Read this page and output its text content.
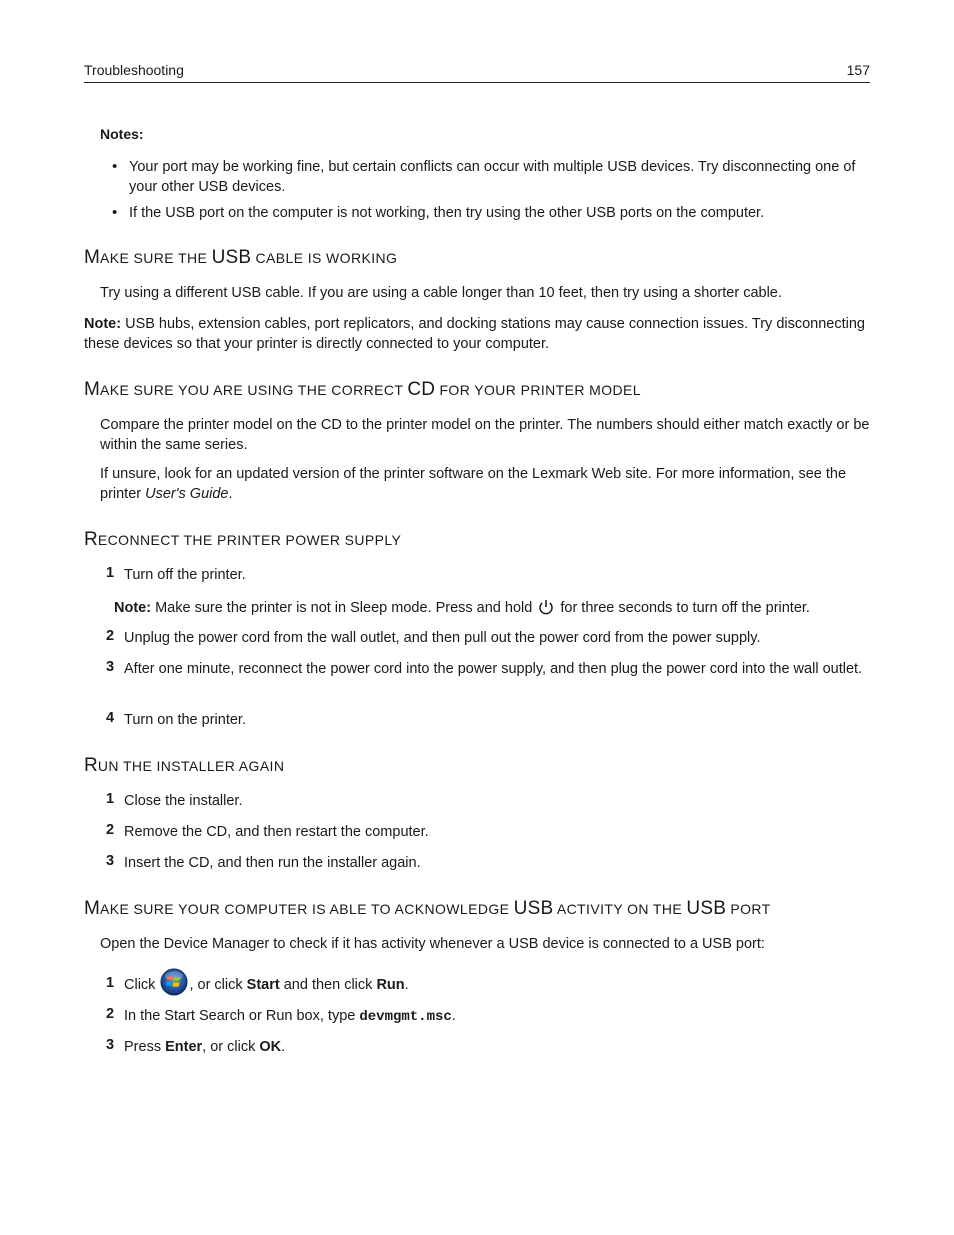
Troubleshooting	157
Notes:
• Your port may be working fine, but certain conflicts can occur with multiple USB devices. Try disconnecting one of your other USB devices.
• If the USB port on the computer is not working, then try using the other USB ports on the computer.
MAKE SURE THE USB CABLE IS WORKING
Try using a different USB cable. If you are using a cable longer than 10 feet, then try using a shorter cable.
Note: USB hubs, extension cables, port replicators, and docking stations may cause connection issues. Try disconnecting these devices so that your printer is directly connected to your computer.
MAKE SURE YOU ARE USING THE CORRECT CD FOR YOUR PRINTER MODEL
Compare the printer model on the CD to the printer model on the printer. The numbers should either match exactly or be within the same series.
If unsure, look for an updated version of the printer software on the Lexmark Web site. For more information, see the printer User's Guide.
RECONNECT THE PRINTER POWER SUPPLY
1 Turn off the printer.
Note: Make sure the printer is not in Sleep mode. Press and hold  for three seconds to turn off the printer.
2 Unplug the power cord from the wall outlet, and then pull out the power cord from the power supply.
3 After one minute, reconnect the power cord into the power supply, and then plug the power cord into the wall outlet.
4 Turn on the printer.
RUN THE INSTALLER AGAIN
1 Close the installer.
2 Remove the CD, and then restart the computer.
3 Insert the CD, and then run the installer again.
MAKE SURE YOUR COMPUTER IS ABLE TO ACKNOWLEDGE USB ACTIVITY ON THE USB PORT
Open the Device Manager to check if it has activity whenever a USB device is connected to a USB port:
1 Click , or click Start and then click Run.
2 In the Start Search or Run box, type devmgmt.msc.
3 Press Enter, or click OK.
